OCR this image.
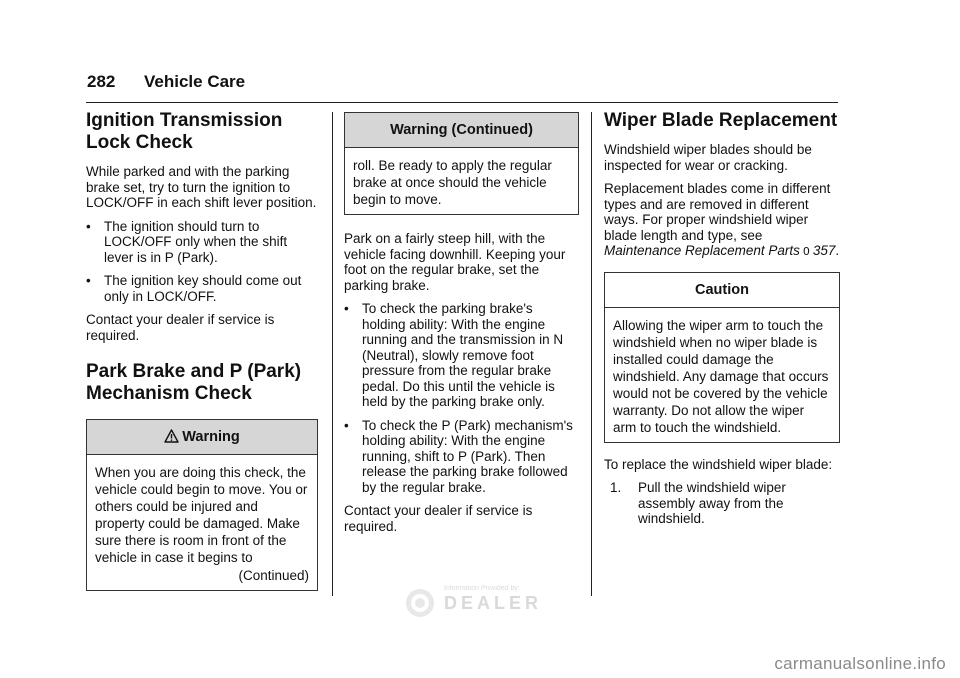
282 Vehicle Care
Ignition Transmission Lock Check

While parked and with the parking brake set, try to turn the ignition to LOCK/OFF in each shift lever position.

• The ignition should turn to LOCK/OFF only when the shift lever is in P (Park).
• The ignition key should come out only in LOCK/OFF.

Contact your dealer if service is required.

Park Brake and P (Park) Mechanism Check
Warning
When you are doing this check, the vehicle could begin to move. You or others could be injured and property could be damaged. Make sure there is room in front of the vehicle in case it begins to
(Continued)
Warning (Continued)
roll. Be ready to apply the regular brake at once should the vehicle begin to move.

Park on a fairly steep hill, with the vehicle facing downhill. Keeping your foot on the regular brake, set the parking brake.

• To check the parking brake's holding ability: With the engine running and the transmission in N (Neutral), slowly remove foot pressure from the regular brake pedal. Do this until the vehicle is held by the parking brake only.
• To check the P (Park) mechanism's holding ability: With the engine running, shift to P (Park). Then release the parking brake followed by the regular brake.

Contact your dealer if service is required.

Wiper Blade Replacement

Windshield wiper blades should be inspected for wear or cracking.

Replacement blades come in different types and are removed in different ways. For proper windshield wiper blade length and type, see Maintenance Replacement Parts 0 357.

Caution
Allowing the wiper arm to touch the windshield when no wiper blade is installed could damage the windshield. Any damage that occurs would not be covered by the vehicle warranty. Do not allow the wiper arm to touch the windshield.

To replace the windshield wiper blade:

1. Pull the windshield wiper assembly away from the windshield.
Information Provided by:
DEALER
carmanualsonline.info
